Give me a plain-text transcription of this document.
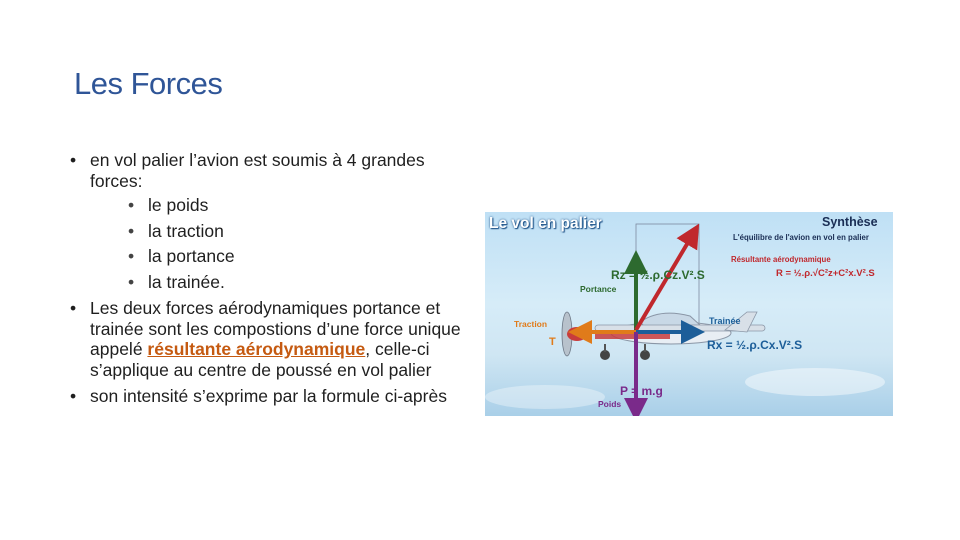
Les Forces
• en vol palier l’avion est soumis à 4 grandes forces:
• le poids
• la traction
• la portance
• la trainée.
• Les deux forces aérodynamiques portance et trainée sont les compostions d’une force unique appelé résultante aérodynamique, celle-ci s’applique au centre de poussé en vol palier
• son intensité s’exprime par la formule ci-après
Le vol en palier	Synthèse
L'équilibre de l'avion en vol en palier
Résultante aérodynamique
R = ½.ρ.√C²z+C²x.V².S
Rz = ½.ρ.Cz.V².S
Portance
Traction
T
Trainée
Rx = ½.ρ.Cx.V².S
P = m.g
Poids
